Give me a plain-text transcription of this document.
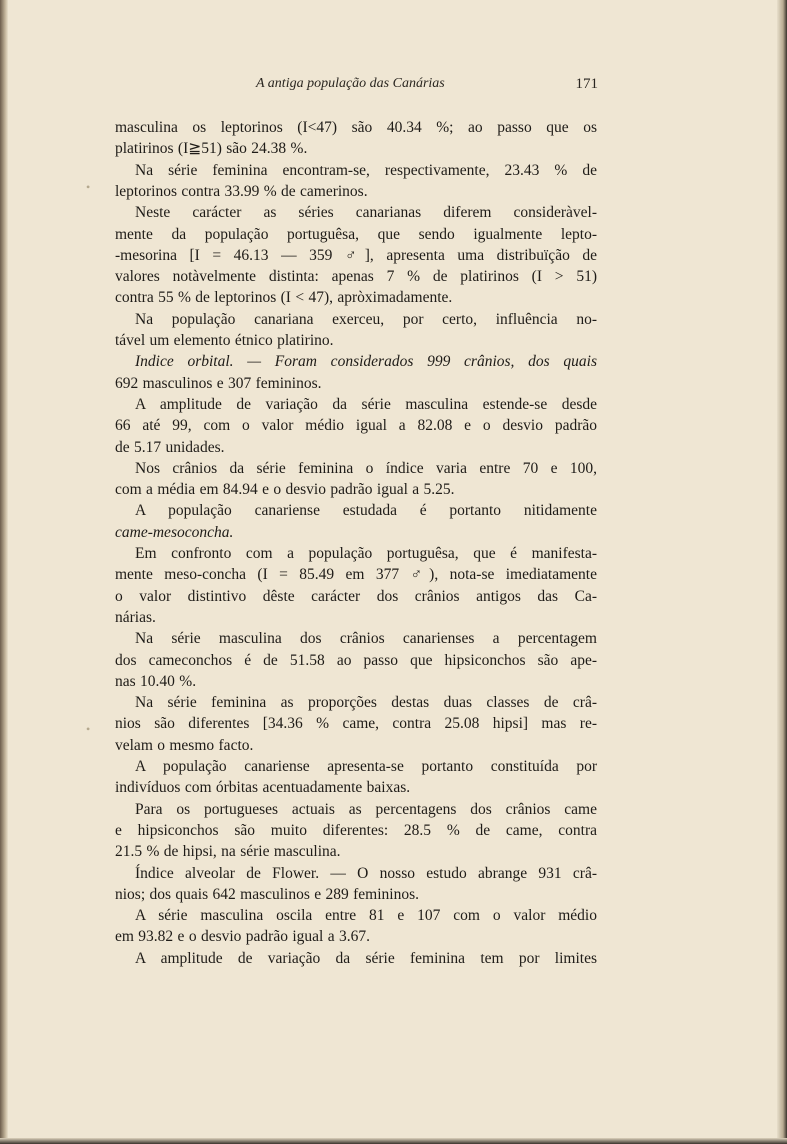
A antiga população das Canárias	171
•
•
masculina os leptorinos (I<47) são 40.34 %; ao passo que os
platirinos (I≧51) são 24.38 %.
Na série feminina encontram-se, respectivamente, 23.43 % de
leptorinos contra 33.99 % de camerinos.
Neste carácter as séries canarianas diferem consideràvel-
mente da população portuguêsa, que sendo igualmente lepto-
-mesorina [I = 46.13 — 359 ♂], apresenta uma distribuïção de
valores notàvelmente distinta: apenas 7 % de platirinos (I > 51)
contra 55 % de leptorinos (I < 47), apròximadamente.
Na população canariana exerceu, por certo, influência no-
tável um elemento étnico platirino.
Indice orbital. — Foram considerados 999 crânios, dos quais
692 masculinos e 307 femininos.
A amplitude de variação da série masculina estende-se desde
66 até 99, com o valor médio igual a 82.08 e o desvio padrão
de 5.17 unidades.
Nos crânios da série feminina o índice varia entre 70 e 100,
com a média em 84.94 e o desvio padrão igual a 5.25.
A população canariense estudada é portanto nitidamente
came-mesoconcha.
Em confronto com a população portuguêsa, que é manifesta-
mente meso-concha (I = 85.49 em 377 ♂), nota-se imediatamente
o valor distintivo dêste carácter dos crânios antigos das Ca-
nárias.
Na série masculina dos crânios canarienses a percentagem
dos cameconchos é de 51.58 ao passo que hipsiconchos são ape-
nas 10.40 %.
Na série feminina as proporções destas duas classes de crâ-
nios são diferentes [34.36 % came, contra 25.08 hipsi] mas re-
velam o mesmo facto.
A população canariense apresenta-se portanto constituída por
indivíduos com órbitas acentuadamente baixas.
Para os portugueses actuais as percentagens dos crânios came
e hipsiconchos são muito diferentes: 28.5 % de came, contra
21.5 % de hipsi, na série masculina.
Índice alveolar de Flower. — O nosso estudo abrange 931 crâ-
nios; dos quais 642 masculinos e 289 femininos.
A série masculina oscila entre 81 e 107 com o valor médio
em 93.82 e o desvio padrão igual a 3.67.
A amplitude de variação da série feminina tem por limites
